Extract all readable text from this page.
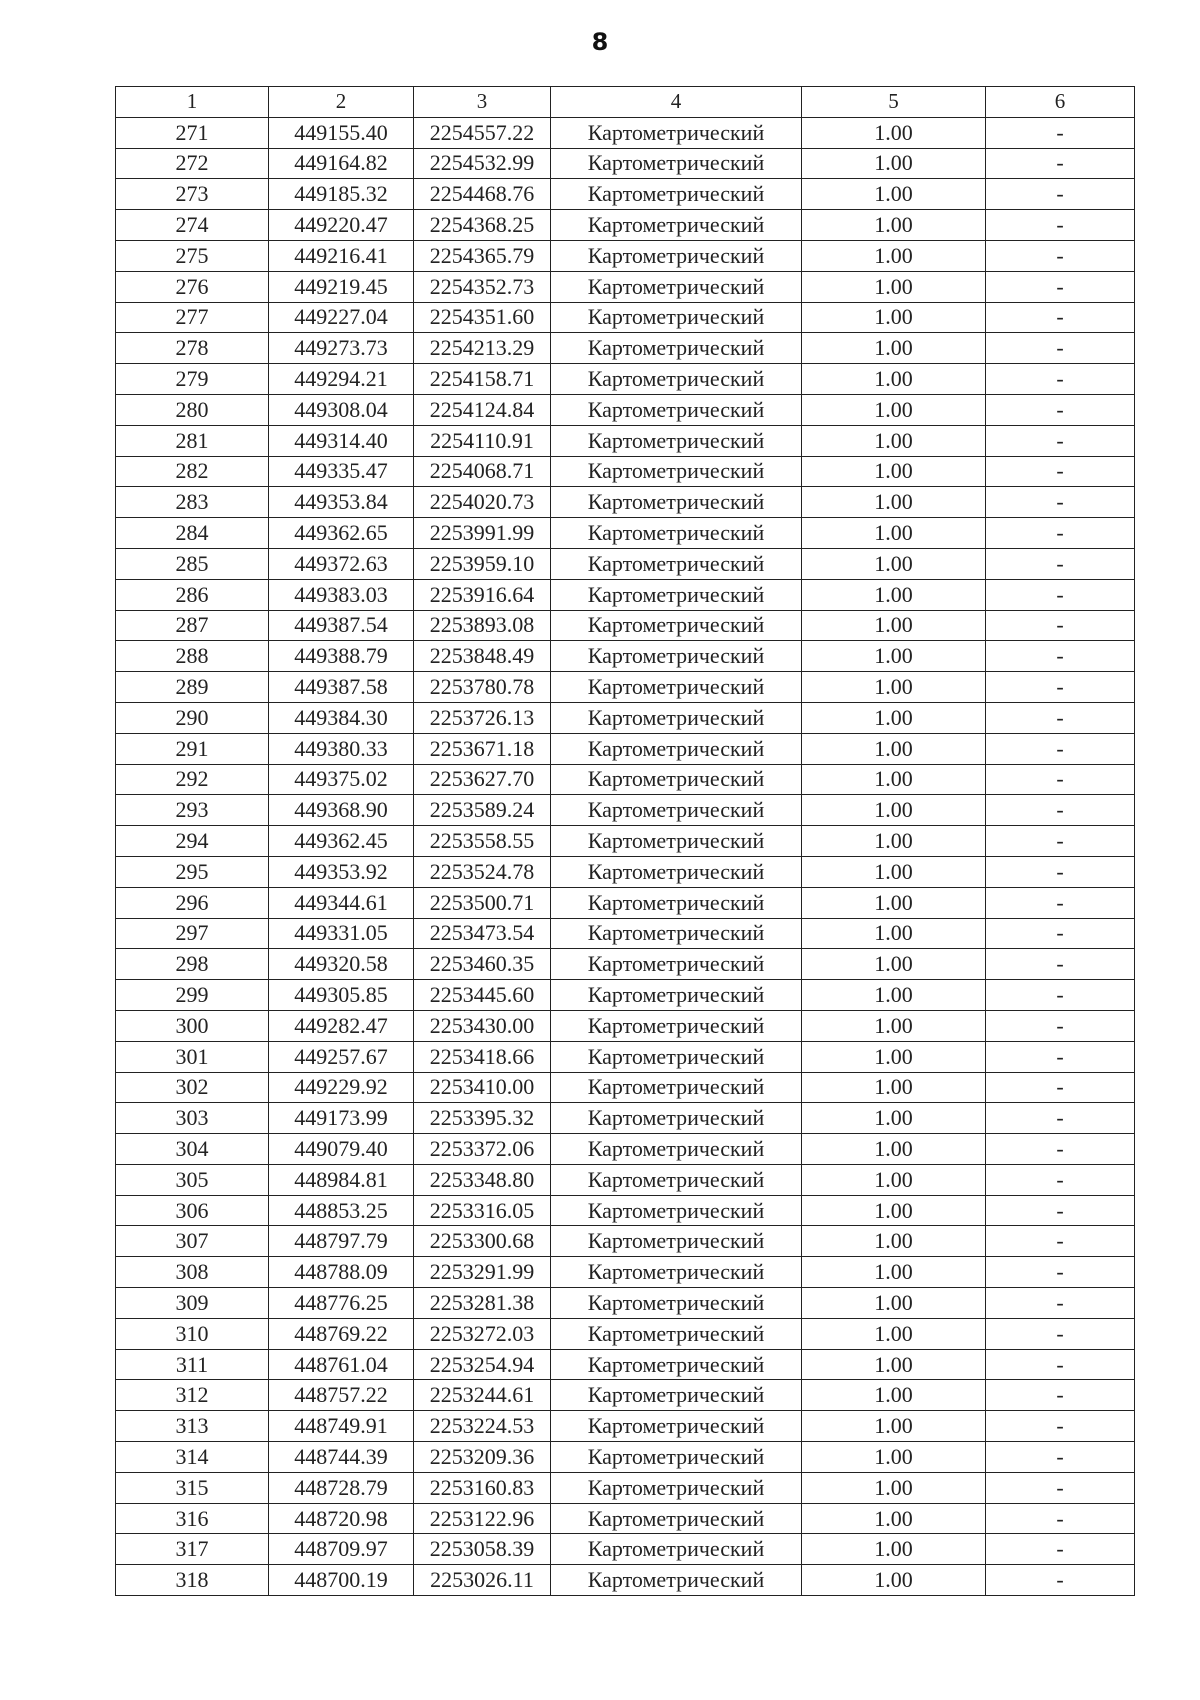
8
1	2	3	4	5	6
271	449155.40	2254557.22	Картометрический	1.00	-
272	449164.82	2254532.99	Картометрический	1.00	-
273	449185.32	2254468.76	Картометрический	1.00	-
274	449220.47	2254368.25	Картометрический	1.00	-
275	449216.41	2254365.79	Картометрический	1.00	-
276	449219.45	2254352.73	Картометрический	1.00	-
277	449227.04	2254351.60	Картометрический	1.00	-
278	449273.73	2254213.29	Картометрический	1.00	-
279	449294.21	2254158.71	Картометрический	1.00	-
280	449308.04	2254124.84	Картометрический	1.00	-
281	449314.40	2254110.91	Картометрический	1.00	-
282	449335.47	2254068.71	Картометрический	1.00	-
283	449353.84	2254020.73	Картометрический	1.00	-
284	449362.65	2253991.99	Картометрический	1.00	-
285	449372.63	2253959.10	Картометрический	1.00	-
286	449383.03	2253916.64	Картометрический	1.00	-
287	449387.54	2253893.08	Картометрический	1.00	-
288	449388.79	2253848.49	Картометрический	1.00	-
289	449387.58	2253780.78	Картометрический	1.00	-
290	449384.30	2253726.13	Картометрический	1.00	-
291	449380.33	2253671.18	Картометрический	1.00	-
292	449375.02	2253627.70	Картометрический	1.00	-
293	449368.90	2253589.24	Картометрический	1.00	-
294	449362.45	2253558.55	Картометрический	1.00	-
295	449353.92	2253524.78	Картометрический	1.00	-
296	449344.61	2253500.71	Картометрический	1.00	-
297	449331.05	2253473.54	Картометрический	1.00	-
298	449320.58	2253460.35	Картометрический	1.00	-
299	449305.85	2253445.60	Картометрический	1.00	-
300	449282.47	2253430.00	Картометрический	1.00	-
301	449257.67	2253418.66	Картометрический	1.00	-
302	449229.92	2253410.00	Картометрический	1.00	-
303	449173.99	2253395.32	Картометрический	1.00	-
304	449079.40	2253372.06	Картометрический	1.00	-
305	448984.81	2253348.80	Картометрический	1.00	-
306	448853.25	2253316.05	Картометрический	1.00	-
307	448797.79	2253300.68	Картометрический	1.00	-
308	448788.09	2253291.99	Картометрический	1.00	-
309	448776.25	2253281.38	Картометрический	1.00	-
310	448769.22	2253272.03	Картометрический	1.00	-
311	448761.04	2253254.94	Картометрический	1.00	-
312	448757.22	2253244.61	Картометрический	1.00	-
313	448749.91	2253224.53	Картометрический	1.00	-
314	448744.39	2253209.36	Картометрический	1.00	-
315	448728.79	2253160.83	Картометрический	1.00	-
316	448720.98	2253122.96	Картометрический	1.00	-
317	448709.97	2253058.39	Картометрический	1.00	-
318	448700.19	2253026.11	Картометрический	1.00	-
